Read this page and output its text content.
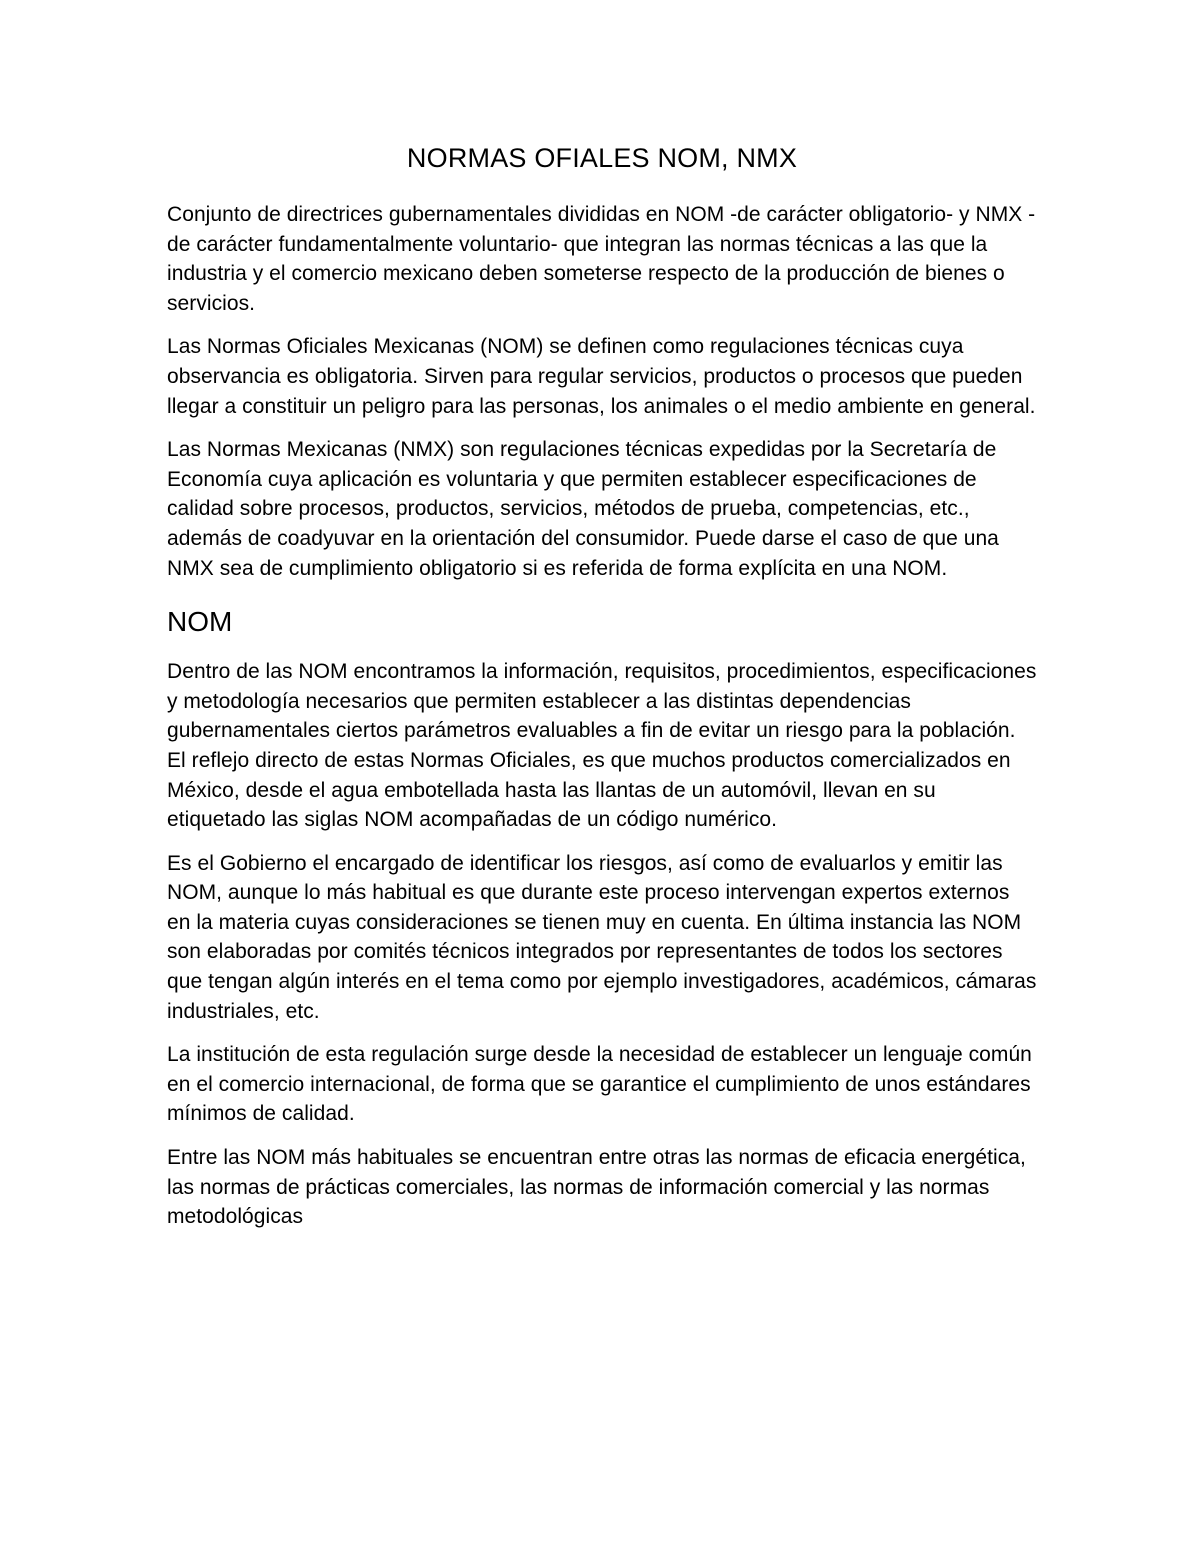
NORMAS OFIALES NOM, NMX

Conjunto de directrices gubernamentales divididas en NOM -de carácter obligatorio- y NMX -de carácter fundamentalmente voluntario- que integran las normas técnicas a las que la industria y el comercio mexicano deben someterse respecto de la producción de bienes o servicios.

Las Normas Oficiales Mexicanas (NOM) se definen como regulaciones técnicas cuya observancia es obligatoria. Sirven para regular servicios, productos o procesos que pueden llegar a constituir un peligro para las personas, los animales o el medio ambiente en general.

Las Normas Mexicanas (NMX) son regulaciones técnicas expedidas por la Secretaría de Economía cuya aplicación es voluntaria y que permiten establecer especificaciones de calidad sobre procesos, productos, servicios, métodos de prueba, competencias, etc., además de coadyuvar en la orientación del consumidor. Puede darse el caso de que una NMX sea de cumplimiento obligatorio si es referida de forma explícita en una NOM.

NOM

Dentro de las NOM encontramos la información, requisitos, procedimientos, especificaciones y metodología necesarios que permiten establecer a las distintas dependencias gubernamentales ciertos parámetros evaluables a fin de evitar un riesgo para la población. El reflejo directo de estas Normas Oficiales, es que muchos productos comercializados en México, desde el agua embotellada hasta las llantas de un automóvil, llevan en su etiquetado las siglas NOM acompañadas de un código numérico.

Es el Gobierno el encargado de identificar los riesgos, así como de evaluarlos y emitir las NOM, aunque lo más habitual es que durante este proceso intervengan expertos externos en la materia cuyas consideraciones se tienen muy en cuenta. En última instancia las NOM son elaboradas por comités técnicos integrados por representantes de todos los sectores que tengan algún interés en el tema como por ejemplo investigadores, académicos, cámaras industriales, etc.

La institución de esta regulación surge desde la necesidad de establecer un lenguaje común en el comercio internacional, de forma que se garantice el cumplimiento de unos estándares mínimos de calidad.

Entre las NOM más habituales se encuentran entre otras las normas de eficacia energética, las normas de prácticas comerciales, las normas de información comercial y las normas metodológicas
